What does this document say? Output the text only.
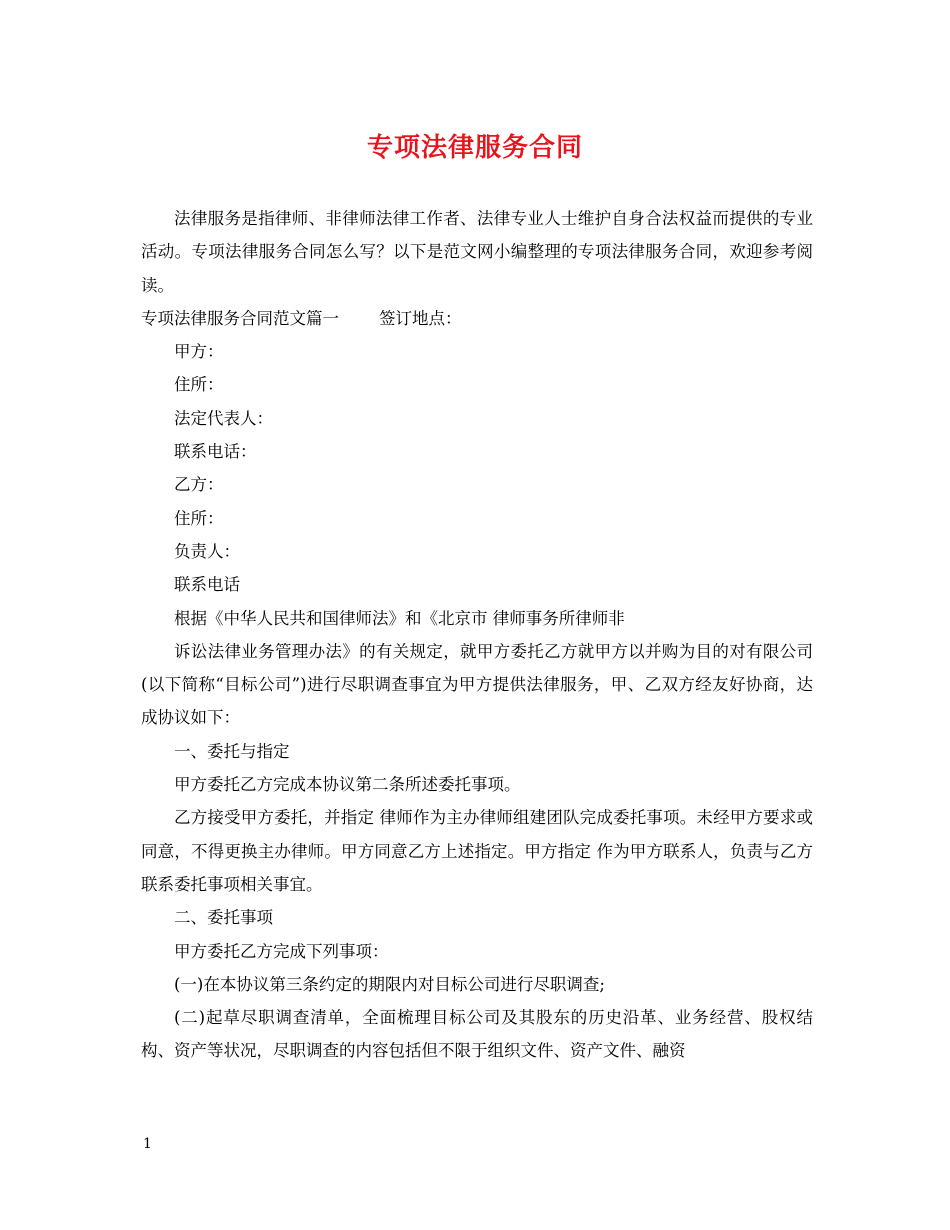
专项法律服务合同

法律服务是指律师、非律师法律工作者、法律专业人士维护自身合法权益而提供的专业活动。专项法律服务合同怎么写？以下是范文网小编整理的专项法律服务合同，欢迎参考阅读。

专项法律服务合同范文篇一 签订地点：

甲方：

住所：

法定代表人：

联系电话：

乙方：

住所：

负责人：

联系电话

根据《中华人民共和国律师法》和《北京市 律师事务所律师非

诉讼法律业务管理办法》的有关规定，就甲方委托乙方就甲方以并购为目的对有限公司(以下简称“目标公司”)进行尽职调查事宜为甲方提供法律服务，甲、乙双方经友好协商，达成协议如下：

一、委托与指定

甲方委托乙方完成本协议第二条所述委托事项。

乙方接受甲方委托，并指定 律师作为主办律师组建团队完成委托事项。未经甲方要求或同意，不得更换主办律师。甲方同意乙方上述指定。甲方指定 作为甲方联系人，负责与乙方联系委托事项相关事宜。

二、委托事项

甲方委托乙方完成下列事项：

(一)在本协议第三条约定的期限内对目标公司进行尽职调查;

(二)起草尽职调查清单，全面梳理目标公司及其股东的历史沿革、业务经营、股权结构、资产等状况，尽职调查的内容包括但不限于组织文件、资产文件、融资

1
